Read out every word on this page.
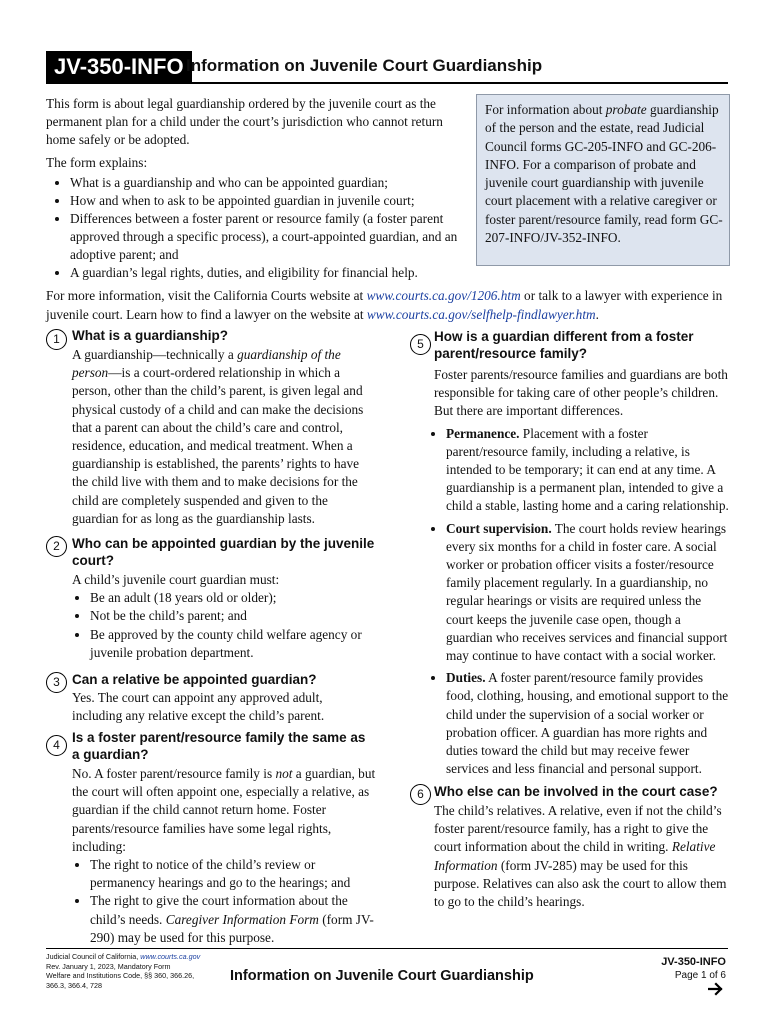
JV-350-INFO Information on Juvenile Court Guardianship

This form is about legal guardianship ordered by the juvenile court as the permanent plan for a child under the court’s jurisdiction who cannot return home safely or be adopted.

The form explains:

• What is a guardianship and who can be appointed guardian;
• How and when to ask to be appointed guardian in juvenile court;
• Differences between a foster parent or resource family (a foster parent approved through a specific process), a court-appointed guardian, and an adoptive parent; and
• A guardian’s legal rights, duties, and eligibility for financial help.
For information about probate guardianship of the person and the estate, read Judicial Council forms GC-205-INFO and GC-206-INFO. For a comparison of probate and juvenile court guardianship with juvenile court placement with a relative caregiver or foster parent/resource family, read form GC-207-INFO/JV-352-INFO.
For more information, visit the California Courts website at www.courts.ca.gov/1206.htm or talk to a lawyer with experience in juvenile court. Learn how to find a lawyer on the website at www.courts.ca.gov/selfhelp-findlawyer.htm.
1 What is a guardianship?

A guardianship—technically a guardianship of the person—is a court-ordered relationship in which a person, other than the child’s parent, is given legal and physical custody of a child and can make the decisions that a parent can about the child’s care and control, residence, education, and medical treatment. When a guardianship is established, the parents’ rights to have the child live with them and to make decisions for the child are completely suspended and given to the guardian for as long as the guardianship lasts.

2 Who can be appointed guardian by the juvenile court?

A child’s juvenile court guardian must:

• Be an adult (18 years old or older);
• Not be the child’s parent; and
• Be approved by the county child welfare agency or juvenile probation department.
3 Can a relative be appointed guardian?

Yes. The court can appoint any approved adult, including any relative except the child’s parent.

4 Is a foster parent/resource family the same as a guardian?

No. A foster parent/resource family is not a guardian, but the court will often appoint one, especially a relative, as guardian if the child cannot return home. Foster parents/resource families have some legal rights, including:

• The right to notice of the child’s review or permanency hearings and go to the hearings; and
• The right to give the court information about the child’s needs. Caregiver Information Form (form JV-290) may be used for this purpose.
5 How is a guardian different from a foster parent/resource family?

Foster parents/resource families and guardians are both responsible for taking care of other people’s children. But there are important differences.

• Permanence. Placement with a foster parent/resource family, including a relative, is intended to be temporary; it can end at any time. A guardianship is a permanent plan, intended to give a child a stable, lasting home and a caring relationship.
• Court supervision. The court holds review hearings every six months for a child in foster care. A social worker or probation officer visits a foster/resource family placement regularly. In a guardianship, no regular hearings or visits are required unless the court keeps the juvenile case open, though a guardian who receives services and financial support may continue to have contact with a social worker.
• Duties. A foster parent/resource family provides food, clothing, housing, and emotional support to the child under the supervision of a social worker or probation officer. A guardian has more rights and duties toward the child but may receive fewer services and less financial and personal support.
6 Who else can be involved in the court case?

The child’s relatives. A relative, even if not the child’s foster parent/resource family, has a right to give the court information about the child in writing. Relative Information (form JV-285) may be used for this purpose. Relatives can also ask the court to allow them to go to the child’s hearings.

Judicial Council of California, www.courts.ca.gov
Rev. January 1, 2023, Mandatory Form
Welfare and Institutions Code, §§ 360, 366.26, 366.3, 366.4, 728
Information on Juvenile Court Guardianship
JV-350-INFO
Page 1 of 6
